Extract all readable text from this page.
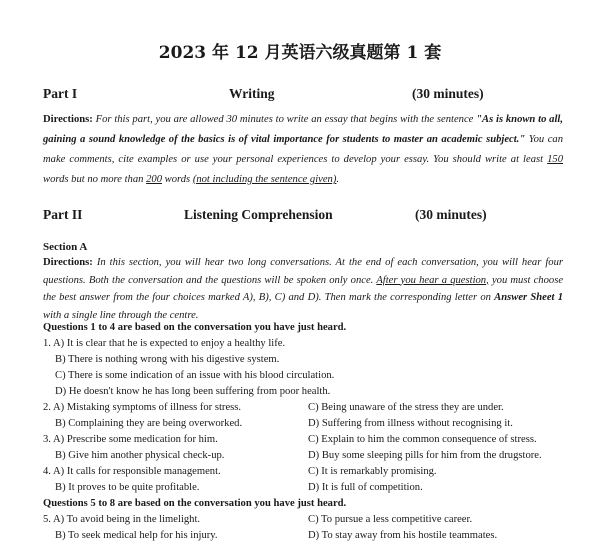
2023 年 12 月英语六级真题第 1 套
Part I	Writing	(30 minutes)
Directions: For this part, you are allowed 30 minutes to write an essay that begins with the sentence "As is known to all, gaining a sound knowledge of the basics is of vital importance for students to master an academic subject." You can make comments, cite examples or use your personal experiences to develop your essay. You should write at least 150 words but no more than 200 words (not including the sentence given).
Part II	Listening Comprehension	(30 minutes)
Section A
Directions: In this section, you will hear two long conversations. At the end of each conversation, you will hear four questions. Both the conversation and the questions will be spoken only once. After you hear a question, you must choose the best answer from the four choices marked A), B), C) and D). Then mark the corresponding letter on Answer Sheet 1 with a single line through the centre.
Questions 1 to 4 are based on the conversation you have just heard.
1. A) It is clear that he is expected to enjoy a healthy life.
B) There is nothing wrong with his digestive system.
C) There is some indication of an issue with his blood circulation.
D) He doesn't know he has long been suffering from poor health.
2. A) Mistaking symptoms of illness for stress.	C) Being unaware of the stress they are under.
B) Complaining they are being overworked.	D) Suffering from illness without recognising it.
3. A) Prescribe some medication for him.	C) Explain to him the common consequence of stress.
B) Give him another physical check-up.	D) Buy some sleeping pills for him from the drugstore.
4. A) It calls for responsible management.	C) It is remarkably promising.
B) It proves to be quite profitable.	D) It is full of competition.
Questions 5 to 8 are based on the conversation you have just heard.
5. A) To avoid being in the limelight.	C) To pursue a less competitive career.
B) To seek medical help for his injury.	D) To stay away from his hostile teammates.
